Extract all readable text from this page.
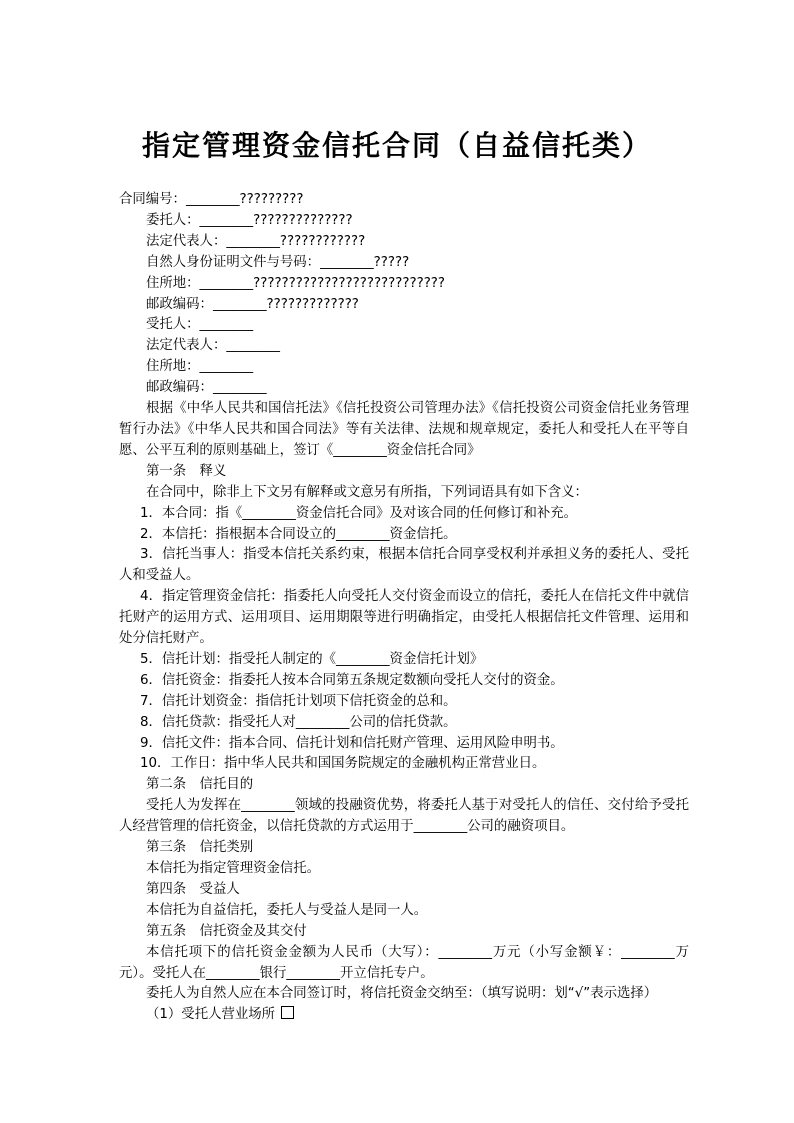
指定管理资金信托合同（自益信托类）
合同编号：________?????????
委托人：________??????????????
法定代表人：________????????????
自然人身份证明文件与号码：________?????
住所地：________???????????????????????????
邮政编码：________?????????????
受托人：________
法定代表人：________
住所地：________
邮政编码：________
根据《中华人民共和国信托法》《信托投资公司管理办法》《信托投资公司资金信托业务管理暂行办法》《中华人民共和国合同法》等有关法律、法规和规章规定，委托人和受托人在平等自愿、公平互利的原则基础上，签订《________资金信托合同》
第一条　释义
在合同中，除非上下文另有解释或文意另有所指，下列词语具有如下含义：
1．本合同：指《________资金信托合同》及对该合同的任何修订和补充。
2．本信托：指根据本合同设立的________资金信托。
3．信托当事人：指受本信托关系约束，根据本信托合同享受权利并承担义务的委托人、受托人和受益人。
4．指定管理资金信托：指委托人向受托人交付资金而设立的信托，委托人在信托文件中就信托财产的运用方式、运用项目、运用期限等进行明确指定，由受托人根据信托文件管理、运用和处分信托财产。
5．信托计划：指受托人制定的《________资金信托计划》
6．信托资金：指委托人按本合同第五条规定数额向受托人交付的资金。
7．信托计划资金：指信托计划项下信托资金的总和。
8．信托贷款：指受托人对________公司的信托贷款。
9．信托文件：指本合同、信托计划和信托财产管理、运用风险申明书。
10．工作日：指中华人民共和国国务院规定的金融机构正常营业日。
第二条　信托目的
受托人为发挥在________领域的投融资优势，将委托人基于对受托人的信任、交付给予受托人经营管理的信托资金，以信托贷款的方式运用于________公司的融资项目。
第三条　信托类别
本信托为指定管理资金信托。
第四条　受益人
本信托为自益信托，委托人与受益人是同一人。
第五条　信托资金及其交付
本信托项下的信托资金金额为人民币（大写）：________万元（小写金额￥：________万元）。受托人在________银行________开立信托专户。
委托人为自然人应在本合同签订时，将信托资金交纳至：（填写说明：划“√”表示选择）
（1）受托人营业场所
